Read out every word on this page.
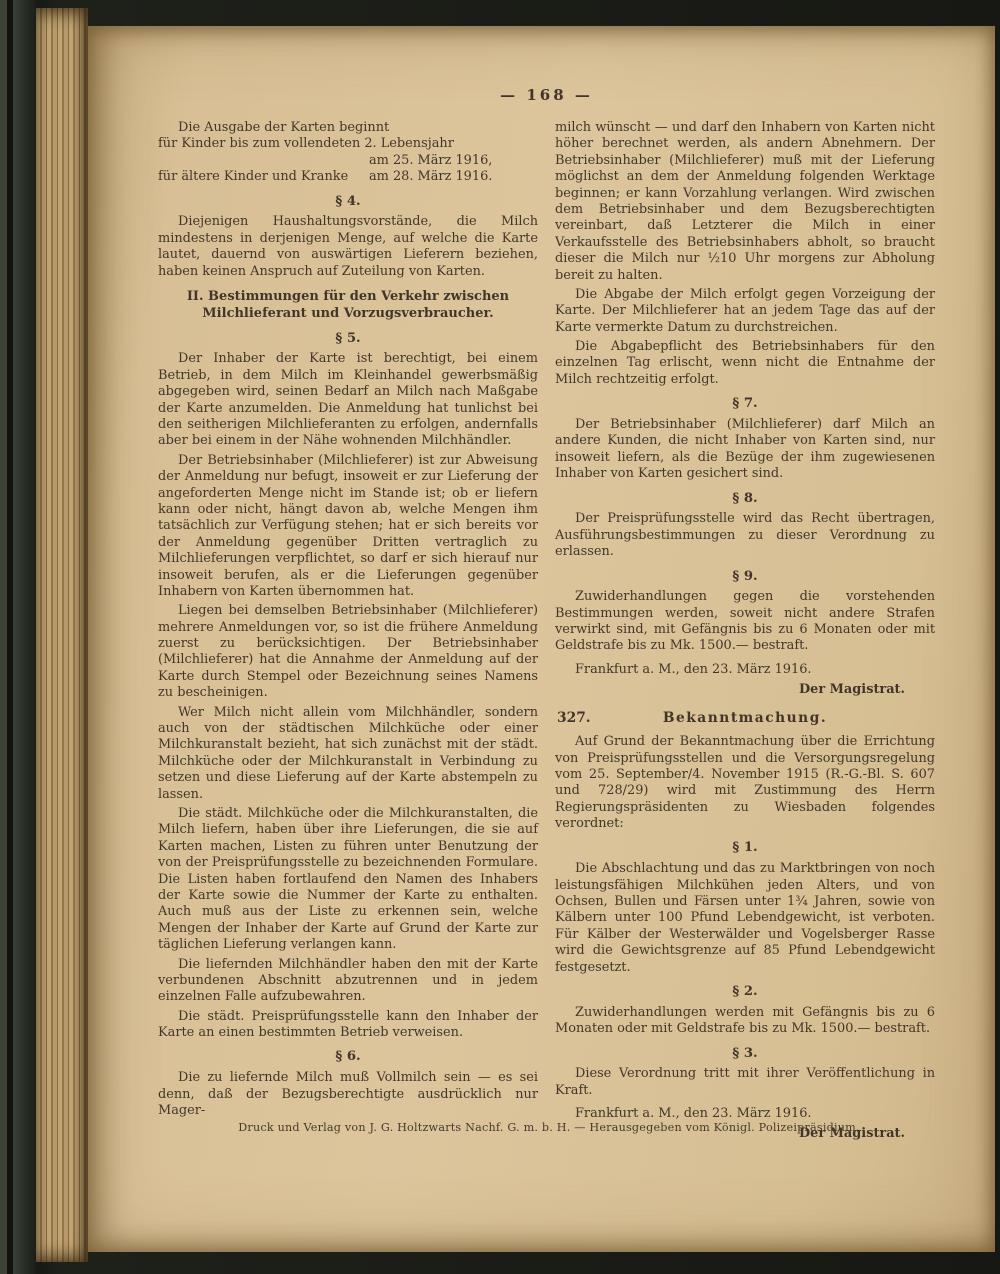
— 168 —

Die Ausgabe der Karten beginnt

für Kinder bis zum vollendeten 2. Lebensjahr

am 25. März 1916,

für ältere Kinder und Kranke am 28. März 1916.
§ 4.

Diejenigen Haushaltungsvorstände, die Milch mindestens in derjenigen Menge, auf welche die Karte lautet, dauernd von auswärtigen Lieferern beziehen, haben keinen Anspruch auf Zuteilung von Karten.

II. Bestimmungen für den Verkehr zwischen Milchlieferant und Vorzugsverbraucher.
§ 5.

Der Inhaber der Karte ist berechtigt, bei einem Betrieb, in dem Milch im Kleinhandel gewerbsmäßig abgegeben wird, seinen Bedarf an Milch nach Maßgabe der Karte anzumelden. Die Anmeldung hat tunlichst bei den seitherigen Milchlieferanten zu erfolgen, andernfalls aber bei einem in der Nähe wohnenden Milchhändler.

Der Betriebsinhaber (Milchlieferer) ist zur Abweisung der Anmeldung nur befugt, insoweit er zur Lieferung der angeforderten Menge nicht im Stande ist; ob er liefern kann oder nicht, hängt davon ab, welche Mengen ihm tatsächlich zur Verfügung stehen; hat er sich bereits vor der Anmeldung gegenüber Dritten vertraglich zu Milchlieferungen verpflichtet, so darf er sich hierauf nur insoweit berufen, als er die Lieferungen gegenüber Inhabern von Karten übernommen hat.

Liegen bei demselben Betriebsinhaber (Milchlieferer) mehrere Anmeldungen vor, so ist die frühere Anmeldung zuerst zu berücksichtigen. Der Betriebsinhaber (Milchlieferer) hat die Annahme der Anmeldung auf der Karte durch Stempel oder Bezeichnung seines Namens zu bescheinigen.

Wer Milch nicht allein vom Milchhändler, sondern auch von der städtischen Milchküche oder einer Milchkuranstalt bezieht, hat sich zunächst mit der städt. Milchküche oder der Milchkuranstalt in Verbindung zu setzen und diese Lieferung auf der Karte abstempeln zu lassen.

Die städt. Milchküche oder die Milchkuranstalten, die Milch liefern, haben über ihre Lieferungen, die sie auf Karten machen, Listen zu führen unter Benutzung der von der Preisprüfungsstelle zu bezeichnenden Formulare. Die Listen haben fortlaufend den Namen des Inhabers der Karte sowie die Nummer der Karte zu enthalten. Auch muß aus der Liste zu erkennen sein, welche Mengen der Inhaber der Karte auf Grund der Karte zur täglichen Lieferung verlangen kann.

Die liefernden Milchhändler haben den mit der Karte verbundenen Abschnitt abzutrennen und in jedem einzelnen Falle aufzubewahren.

Die städt. Preisprüfungsstelle kann den Inhaber der Karte an einen bestimmten Betrieb verweisen.

§ 6.

Die zu liefernde Milch muß Vollmilch sein — es sei denn, daß der Bezugsberechtigte ausdrücklich nur Mager-

milch wünscht — und darf den Inhabern von Karten nicht höher berechnet werden, als andern Abnehmern. Der Betriebsinhaber (Milchlieferer) muß mit der Lieferung möglichst an dem der Anmeldung folgenden Werktage beginnen; er kann Vorzahlung verlangen. Wird zwischen dem Betriebsinhaber und dem Bezugsberechtigten vereinbart, daß Letzterer die Milch in einer Verkaufsstelle des Betriebsinhabers abholt, so braucht dieser die Milch nur ½10 Uhr morgens zur Abholung bereit zu halten.

Die Abgabe der Milch erfolgt gegen Vorzeigung der Karte. Der Milchlieferer hat an jedem Tage das auf der Karte vermerkte Datum zu durchstreichen.

Die Abgabepflicht des Betriebsinhabers für den einzelnen Tag erlischt, wenn nicht die Entnahme der Milch rechtzeitig erfolgt.

§ 7.

Der Betriebsinhaber (Milchlieferer) darf Milch an andere Kunden, die nicht Inhaber von Karten sind, nur insoweit liefern, als die Bezüge der ihm zugewiesenen Inhaber von Karten gesichert sind.

§ 8.

Der Preisprüfungsstelle wird das Recht übertragen, Ausführungsbestimmungen zu dieser Verordnung zu erlassen.

§ 9.

Zuwiderhandlungen gegen die vorstehenden Bestimmungen werden, soweit nicht andere Strafen verwirkt sind, mit Gefängnis bis zu 6 Monaten oder mit Geldstrafe bis zu Mk. 1500.— bestraft.

Frankfurt a. M., den 23. März 1916.

Der Magistrat.

327.	Bekanntmachung.

Auf Grund der Bekanntmachung über die Errichtung von Preisprüfungsstellen und die Versorgungsregelung vom 25. September/4. November 1915 (R.-G.-Bl. S. 607 und 728/29) wird mit Zustimmung des Herrn Regierungspräsidenten zu Wiesbaden folgendes verordnet:

§ 1.

Die Abschlachtung und das zu Marktbringen von noch leistungsfähigen Milchkühen jeden Alters, und von Ochsen, Bullen und Färsen unter 1¾ Jahren, sowie von Kälbern unter 100 Pfund Lebendgewicht, ist verboten. Für Kälber der Westerwälder und Vogelsberger Rasse wird die Gewichtsgrenze auf 85 Pfund Lebendgewicht festgesetzt.

§ 2.

Zuwiderhandlungen werden mit Gefängnis bis zu 6 Monaten oder mit Geldstrafe bis zu Mk. 1500.— bestraft.

§ 3.

Diese Verordnung tritt mit ihrer Veröffentlichung in Kraft.

Frankfurt a. M., den 23. März 1916.

Der Magistrat.

Druck und Verlag von J. G. Holtzwarts Nachf. G. m. b. H. — Herausgegeben vom Königl. Polizeipräsidium.
